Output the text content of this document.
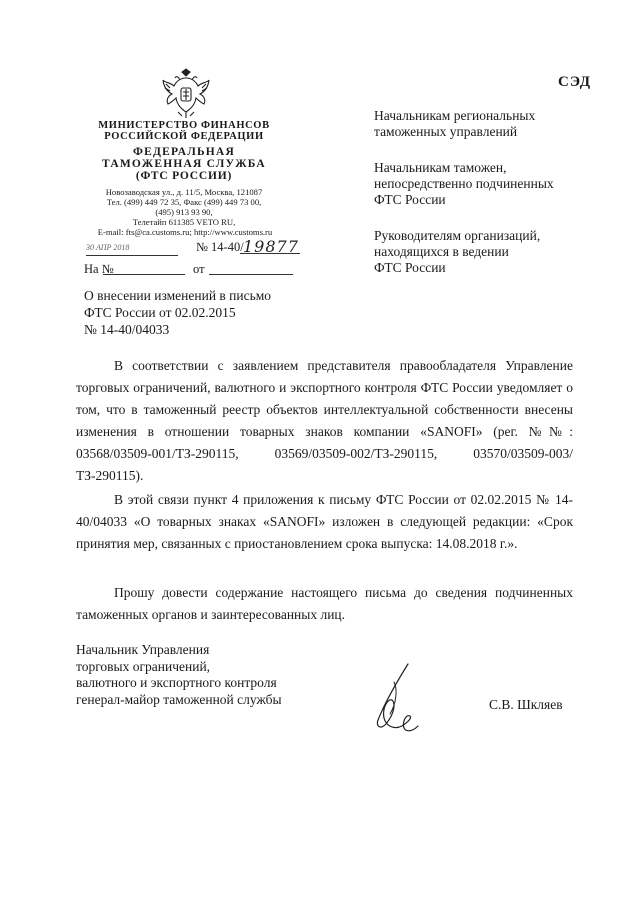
СЭД
МИНИСТЕРСТВО ФИНАНСОВ
РОССИЙСКОЙ ФЕДЕРАЦИИ
ФЕДЕРАЛЬНАЯ
ТАМОЖЕННАЯ СЛУЖБА
(ФТС РОССИИ)
Новозаводская ул., д. 11/5, Москва, 121087
Тел. (499) 449 72 35, Факс (499) 449 73 00,
(495) 913 93 90,
Телетайп 611385 VETO RU,
E-mail: fts@ca.customs.ru; http://www.customs.ru
30 АПР 2018	№ 14-40/ 19877
На №	от
О внесении изменений в письмо
ФТС России от 02.02.2015
№ 14-40/04033
Начальникам региональных
таможенных управлений
Начальникам таможен,
непосредственно подчиненных
ФТС России
Руководителям организаций,
находящихся в ведении
ФТС России
В соответствии с заявлением представителя правообладателя Управление торговых ограничений, валютного и экспортного контроля ФТС России уведомляет о том, что в таможенный реестр объектов интеллектуальной собственности внесены изменения в отношении товарных знаков компании «SANOFI» (рег. №№: 03568/03509-001/ТЗ-290115, 03569/03509-002/ТЗ-290115, 03570/03509-003/ТЗ-290115).
В этой связи пункт 4 приложения к письму ФТС России от 02.02.2015 № 14-40/04033 «О товарных знаках «SANOFI» изложен в следующей редакции: «Срок принятия мер, связанных с приостановлением срока выпуска: 14.08.2018 г.».
Прошу довести содержание настоящего письма до сведения подчиненных таможенных органов и заинтересованных лиц.
Начальник Управления
торговых ограничений,
валютного и экспортного контроля
генерал-майор таможенной службы	С.В. Шкляев
